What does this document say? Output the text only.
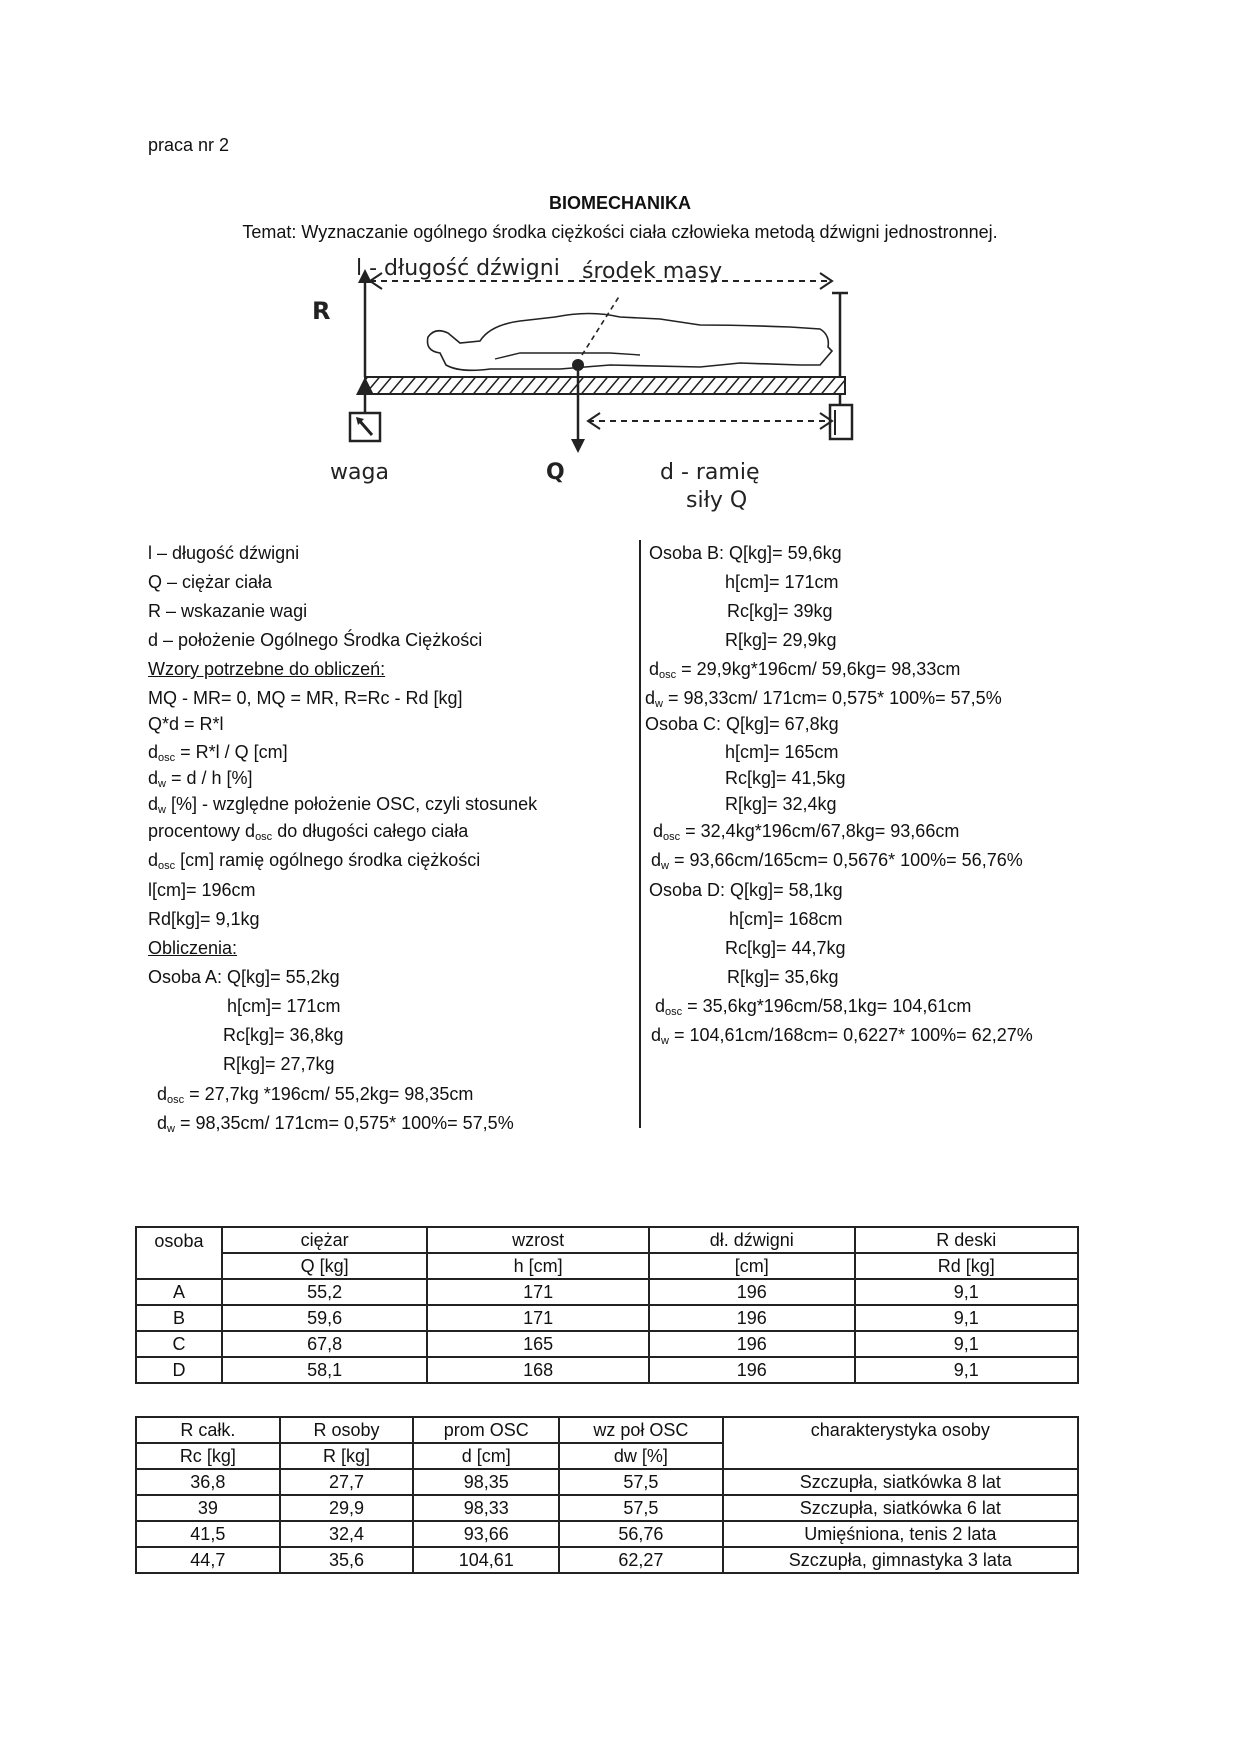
praca nr 2
BIOMECHANIKA
Temat: Wyznaczanie ogólnego środka ciężkości ciała człowieka metodą dźwigni jednostronnej.
l - długość dźwigni środek masy
R
waga	Q	d - ramię
siły Q
l – długość dźwigni
Q – ciężar ciała
R – wskazanie wagi
d – położenie Ogólnego Środka Ciężkości
Wzory potrzebne do obliczeń:
MQ - MR= 0, MQ = MR, R=Rc - Rd [kg]
Q*d = R*l
$d_{osc} = R*l / Q$ [cm]
$d_w = d / h$ [%]
$d_w$ [%] - względne położenie OSC, czyli stosunek
procentowy $d_{osc}$ do długości całego ciała
$d_{osc}$ [cm] ramię ogólnego środka ciężkości
l[cm]= 196cm
Rd[kg]= 9,1kg
Obliczenia:
Osoba A: Q[kg]= 55,2kg
h[cm]= 171cm
Rc[kg]= 36,8kg
R[kg]= 27,7kg
$d_{osc} = 27,7kg$ *196cm/ 55,2kg= 98,35cm
$d_w = 98,35cm/$ 171cm= 0,575* 100%= 57,5%
Osoba B: Q[kg]= 59,6kg
h[cm]= 171cm
Rc[kg]= 39kg
R[kg]= 29,9kg
$d_{osc} = 29,9kg*196cm/$ 59,6kg= 98,33cm
$d_w = 98,33cm/$ 171cm= 0,575* 100%= 57,5%
Osoba C: Q[kg]= 67,8kg
h[cm]= 165cm
Rc[kg]= 41,5kg
R[kg]= 32,4kg
$d_{osc} = 32,4kg*196cm/67,8kg= 93,66cm$
$d_w = 93,66cm/165cm= 0,5676*$ 100%= 56,76%
Osoba D: Q[kg]= 58,1kg
h[cm]= 168cm
Rc[kg]= 44,7kg
R[kg]= 35,6kg
$d_{osc} = 35,6kg*196cm/58,1kg= 104,61cm$
$d_w = 104,61cm/168cm= 0,6227*$ 100%= 62,27%
osoba	ciężar	wzrost	dł. dźwigni	R deski
	Q [kg]	h [cm]	[cm]	Rd [kg]
A	55,2	171	196	9,1
B	59,6	171	196	9,1
C	67,8	165	196	9,1
D	58,1	168	196	9,1
R całk.	R osoby	prom OSC	wz poł OSC	charakterystyka osoby
Rc [kg]	R [kg]	d [cm]	dw [%]	
36,8	27,7	98,35	57,5	Szczupła, siatkówka 8 lat
39	29,9	98,33	57,5	Szczupła, siatkówka 6 lat
41,5	32,4	93,66	56,76	Umięśniona, tenis 2 lata
44,7	35,6	104,61	62,27	Szczupła, gimnastyka 3 lata
